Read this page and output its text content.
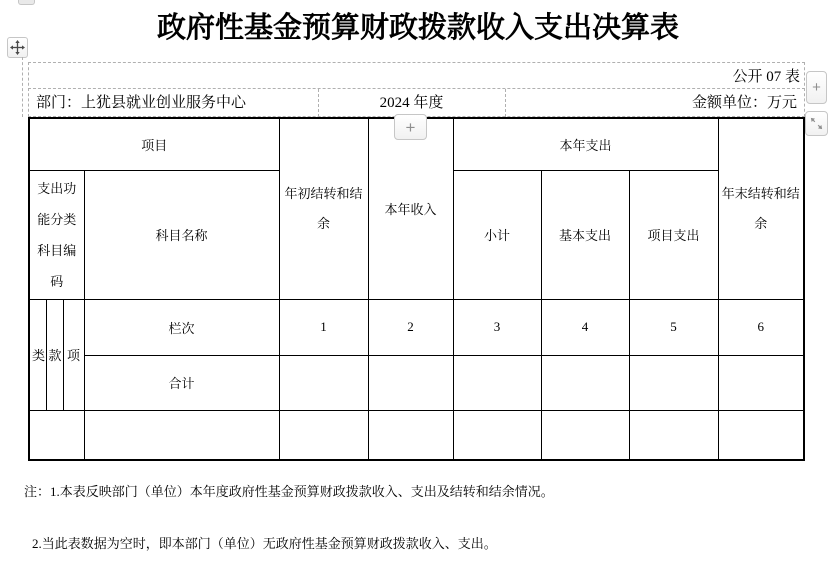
政府性基金预算财政拨款收入支出决算表
公开 07 表
部门：上犹县就业创业服务中心	2024 年度	金额单位：万元
项目				年初结转和结余	本年收入	本年支出			年末结转和结余
支出功能分类科目编码			科目名称			小计	基本支出	项目支出	
类	款	项	栏次	1	2	3	4	5	6
			合计						

+
+
注：1.本表反映部门（单位）本年度政府性基金预算财政拨款收入、支出及结转和结余情况。
2.当此表数据为空时，即本部门（单位）无政府性基金预算财政拨款收入、支出。
